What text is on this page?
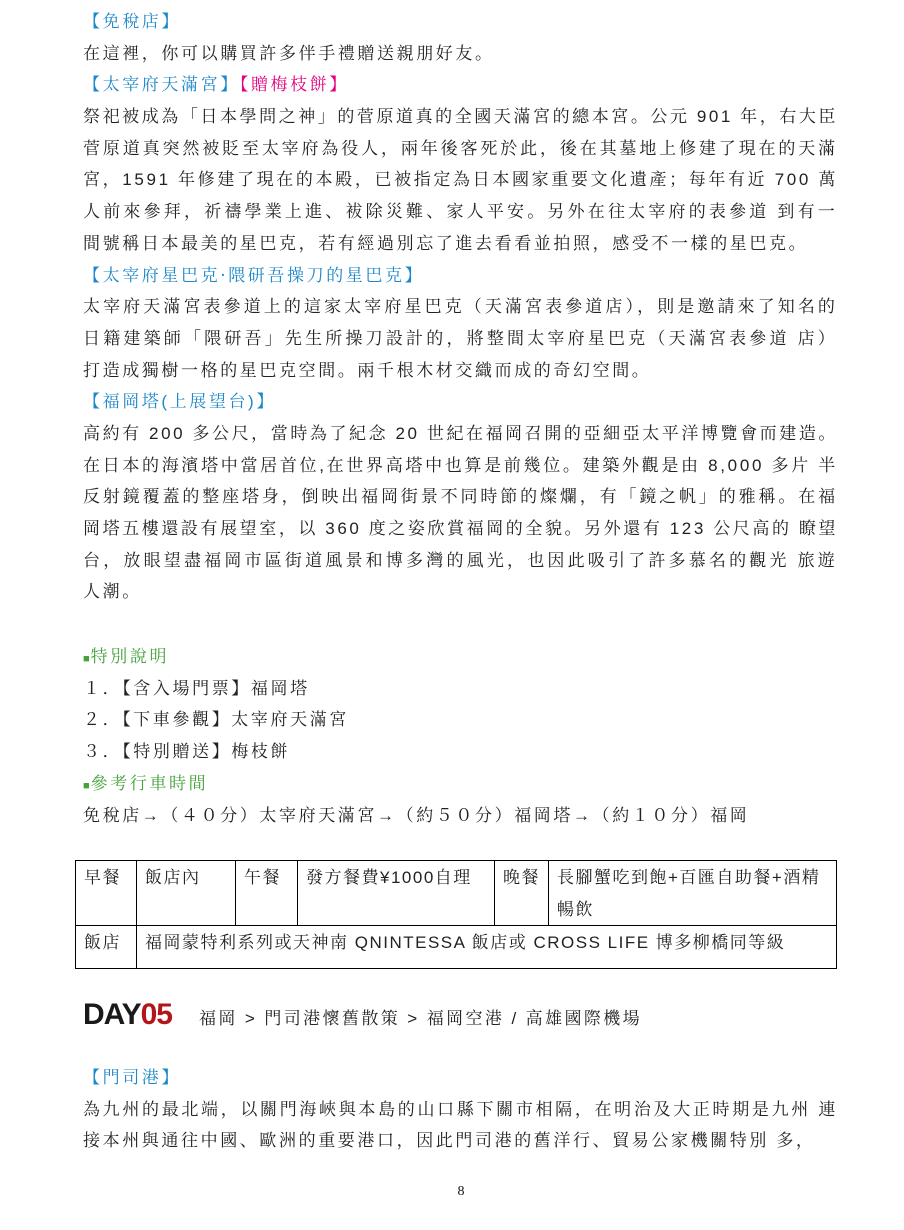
【免稅店】
在這裡，你可以購買許多伴手禮贈送親朋好友。
【太宰府天滿宮】【贈梅枝餅】
祭祀被成為「日本學問之神」的菅原道真的全國天滿宮的總本宮。公元 901 年，右大臣
菅原道真突然被貶至太宰府為役人，兩年後客死於此，後在其墓地上修建了現在的天滿
宮，1591 年修建了現在的本殿，已被指定為日本國家重要文化遺產；每年有近 700 萬
人前來參拜，祈禱學業上進、袚除災難、家人平安。另外在往太宰府的表參道 到有一
間號稱日本最美的星巴克，若有經過別忘了進去看看並拍照，感受不一樣的星巴克。
【太宰府星巴克‧隈研吾操刀的星巴克】
太宰府天滿宮表參道上的這家太宰府星巴克（天滿宮表參道店），則是邀請來了知名的
日籍建築師「隈研吾」先生所操刀設計的，將整間太宰府星巴克（天滿宮表參道 店）
打造成獨樹一格的星巴克空間。兩千根木材交織而成的奇幻空間。
【福岡塔(上展望台)】
高約有 200 多公尺，當時為了紀念 20 世紀在福岡召開的亞細亞太平洋博覽會而建造。
在日本的海濱塔中當居首位,在世界高塔中也算是前幾位。建築外觀是由 8,000 多片 半
反射鏡覆蓋的整座塔身，倒映出福岡街景不同時節的燦爛，有「鏡之帆」的雅稱。在福
岡塔五樓還設有展望室，以 360 度之姿欣賞福岡的全貌。另外還有 123 公尺高的 瞭望
台，放眼望盡福岡市區街道風景和博多灣的風光，也因此吸引了許多慕名的觀光 旅遊
人潮。
■特別說明
１．【含入場門票】福岡塔
２．【下車參觀】太宰府天滿宮
３．【特別贈送】梅枝餅
■參考行車時間
免稅店→（４０分）太宰府天滿宮→（約５０分）福岡塔→（約１０分）福岡
早餐	飯店內	午餐	發方餐費¥1000自理	晚餐	長腳蟹吃到飽+百匯自助餐+酒精暢飲
飯店	福岡蒙特利系列或天神南 QNINTESSA 飯店或 CROSS LIFE 博多柳橋同等級				
DAY 05 福岡 > 門司港懷舊散策 > 福岡空港 / 高雄國際機場
【門司港】
為九州的最北端，以關門海峽與本島的山口縣下關市相隔，在明治及大正時期是九州 連
接本州與通往中國、歐洲的重要港口，因此門司港的舊洋行、貿易公家機關特別 多，
8
